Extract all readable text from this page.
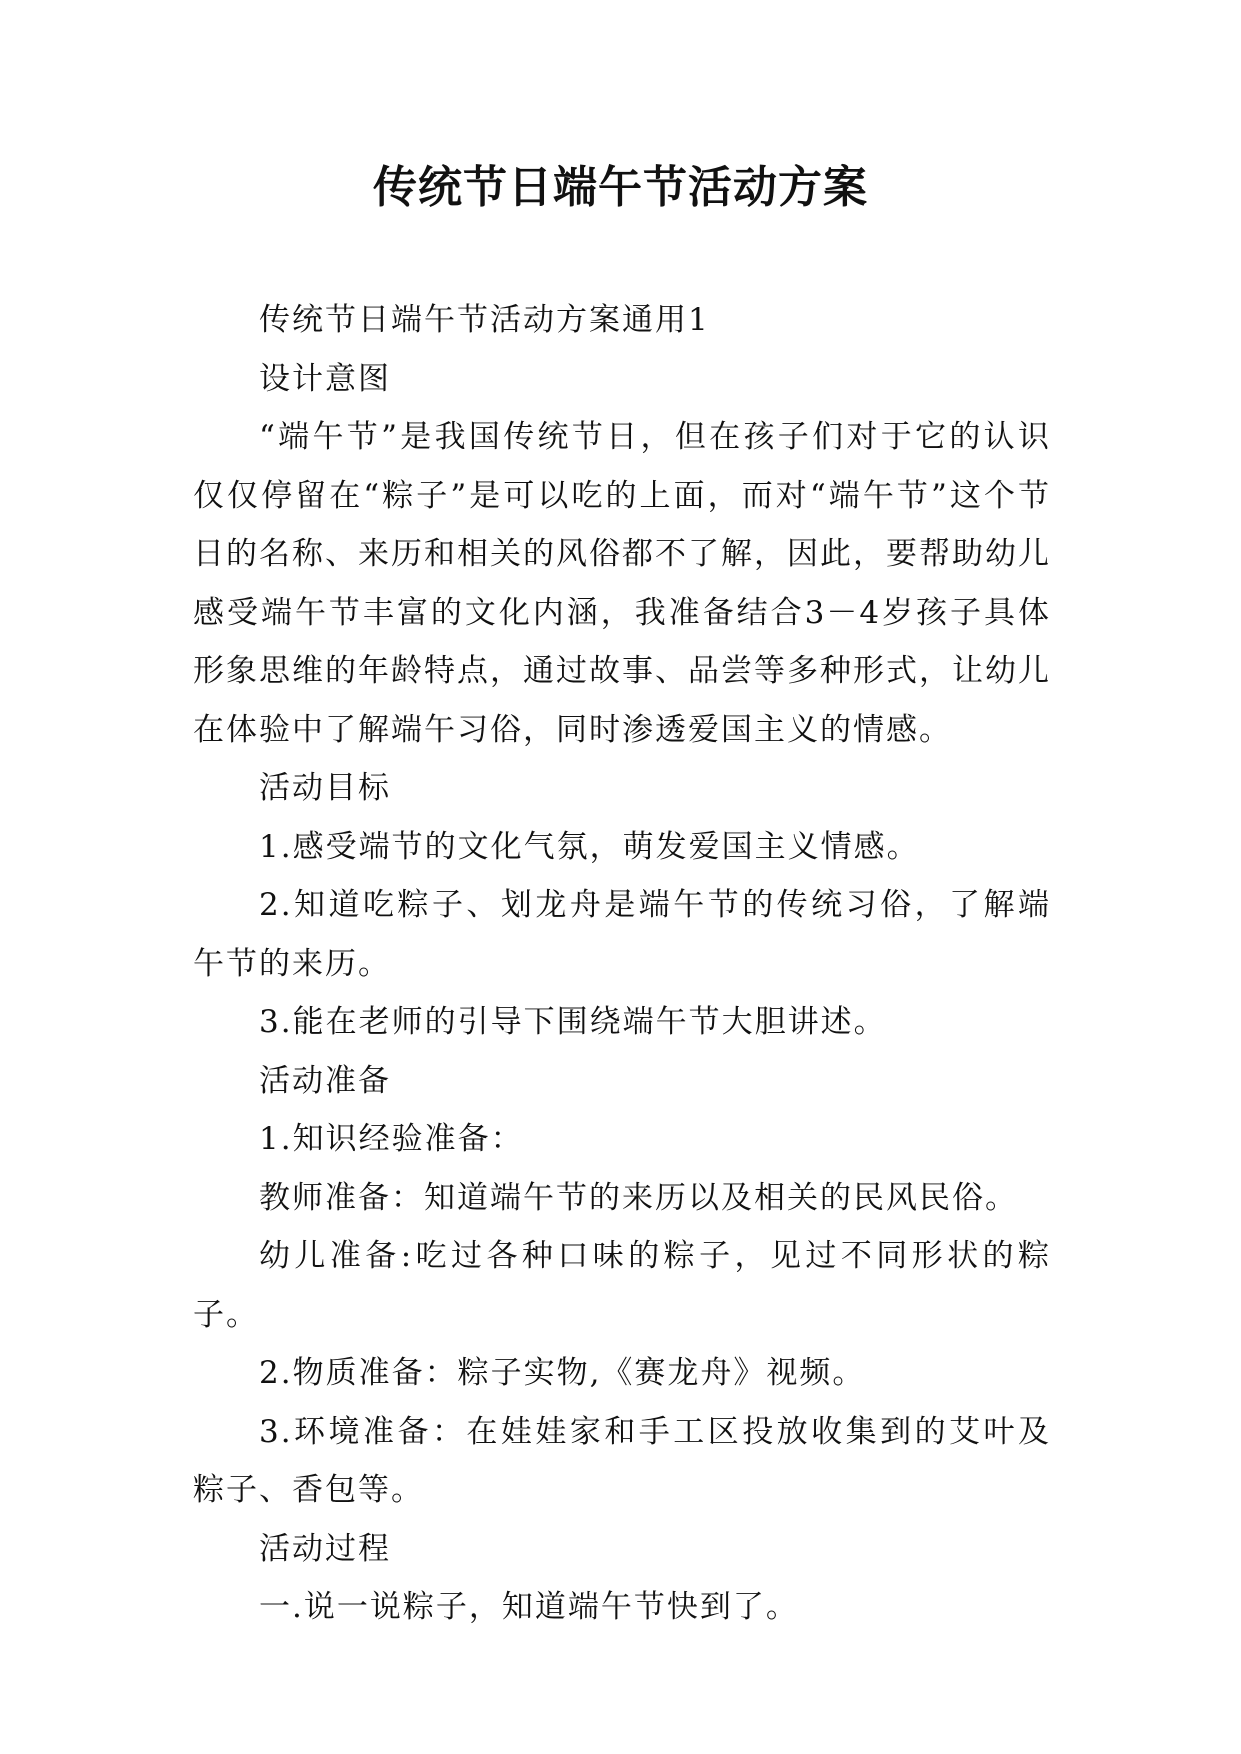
传统节日端午节活动方案

传统节日端午节活动方案通用1

设计意图

“端午节”是我国传统节日，但在孩子们对于它的认识仅仅停留在“粽子”是可以吃的上面，而对“端午节”这个节日的名称、来历和相关的风俗都不了解，因此，要帮助幼儿感受端午节丰富的文化内涵，我准备结合3－4岁孩子具体形象思维的年龄特点，通过故事、品尝等多种形式，让幼儿在体验中了解端午习俗，同时渗透爱国主义的情感。

活动目标

1.感受端节的文化气氛，萌发爱国主义情感。

2.知道吃粽子、划龙舟是端午节的传统习俗，了解端午节的来历。

3.能在老师的引导下围绕端午节大胆讲述。

活动准备

1.知识经验准备：

教师准备：知道端午节的来历以及相关的民风民俗。

幼儿准备:吃过各种口味的粽子，见过不同形状的粽子。

2.物质准备：粽子实物,《赛龙舟》视频。

3.环境准备：在娃娃家和手工区投放收集到的艾叶及粽子、香包等。

活动过程

一.说一说粽子，知道端午节快到了。
